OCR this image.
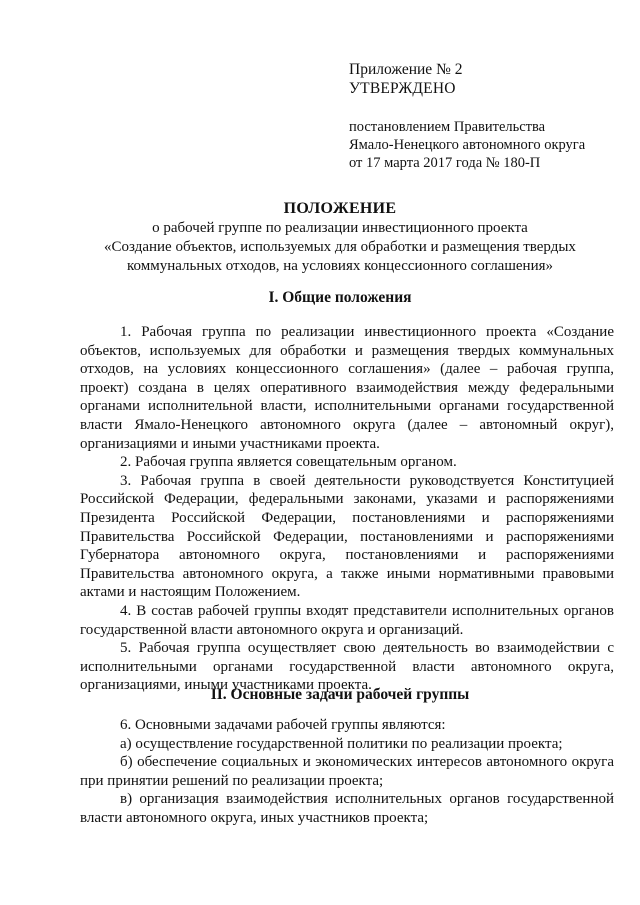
Приложение № 2
УТВЕРЖДЕНО
постановлением Правительства
Ямало-Ненецкого автономного округа
от 17 марта 2017 года № 180-П
ПОЛОЖЕНИЕ
о рабочей группе по реализации инвестиционного проекта
«Создание объектов, используемых для обработки и размещения твердых
коммунальных отходов, на условиях концессионного соглашения»
I. Общие положения

1. Рабочая группа по реализации инвестиционного проекта «Создание объектов, используемых для обработки и размещения твердых коммунальных отходов, на условиях концессионного соглашения» (далее – рабочая группа, проект) создана в целях оперативного взаимодействия между федеральными органами исполнительной власти, исполнительными органами государственной власти Ямало-Ненецкого автономного округа (далее – автономный округ), организациями и иными участниками проекта.

2. Рабочая группа является совещательным органом.

3. Рабочая группа в своей деятельности руководствуется Конституцией Российской Федерации, федеральными законами, указами и распоряжениями Президента Российской Федерации, постановлениями и распоряжениями Правительства Российской Федерации, постановлениями и распоряжениями Губернатора автономного округа, постановлениями и распоряжениями Правительства автономного округа, а также иными нормативными правовыми актами и настоящим Положением.

4. В состав рабочей группы входят представители исполнительных органов государственной власти автономного округа и организаций.

5. Рабочая группа осуществляет свою деятельность во взаимодействии с исполнительными органами государственной власти автономного округа, организациями, иными участниками проекта.

II. Основные задачи рабочей группы

6. Основными задачами рабочей группы являются:

а) осуществление государственной политики по реализации проекта;

б) обеспечение социальных и экономических интересов автономного округа при принятии решений по реализации проекта;

в) организация взаимодействия исполнительных органов государственной власти автономного округа, иных участников проекта;
